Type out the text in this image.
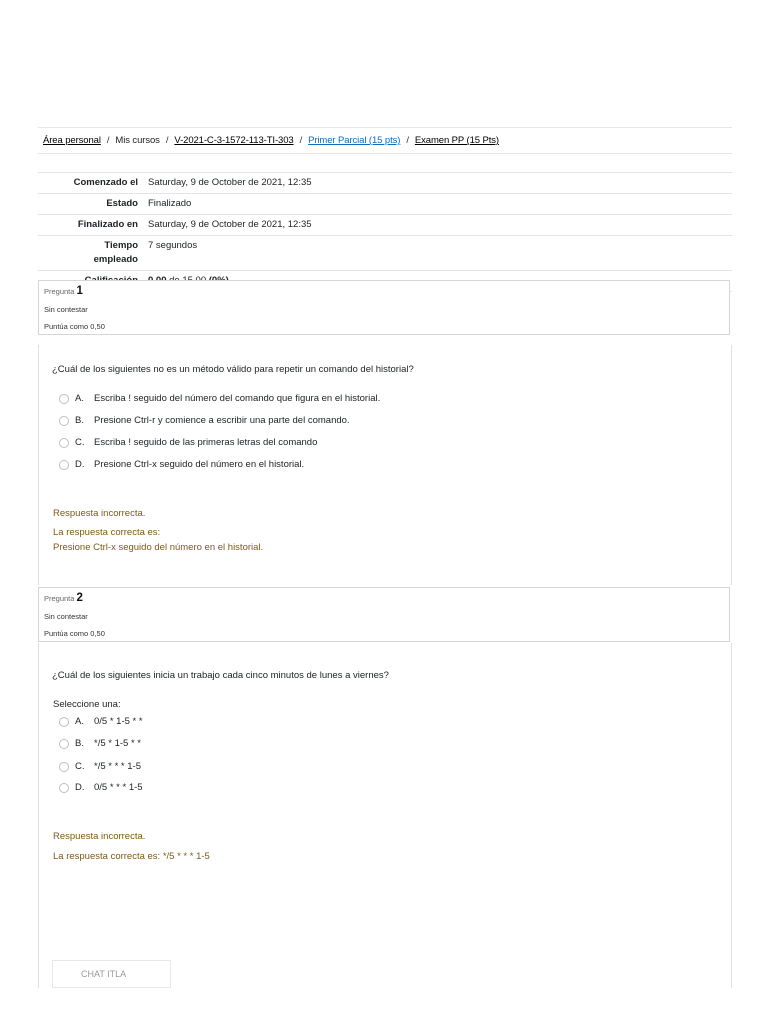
Área personal / Mis cursos / V-2021-C-3-1572-113-TI-303 / Primer Parcial (15 pts) / Examen PP (15 Pts)
Comenzado el	Saturday, 9 de October de 2021, 12:35
Estado	Finalizado
Finalizado en	Saturday, 9 de October de 2021, 12:35
Tiempo
empleado	7 segundos

Pregunta 1
Sin contestar
Puntúa como 0,50
¿Cuál de los siguientes no es un método válido para repetir un comando del historial?
A.	Escriba ! seguido del número del comando que figura en el historial.
B.	Presione Ctrl-r y comience a escribir una parte del comando.
C.	Escriba ! seguido de las primeras letras del comando
D.	Presione Ctrl-x seguido del número en el historial.
Respuesta incorrecta.
La respuesta correcta es:
Presione Ctrl-x seguido del número en el historial.
Pregunta 2
Sin contestar
Puntúa como 0,50
¿Cuál de los siguientes inicia un trabajo cada cinco minutos de lunes a viernes?
Seleccione una:
A.	0/5 * 1-5 * *
B.	*/5 * 1-5 * *
C.	*/5 * * * 1-5
D.	0/5 * * * 1-5
Respuesta incorrecta.
La respuesta correcta es: */5 * * * 1-5
CHAT ITLA
